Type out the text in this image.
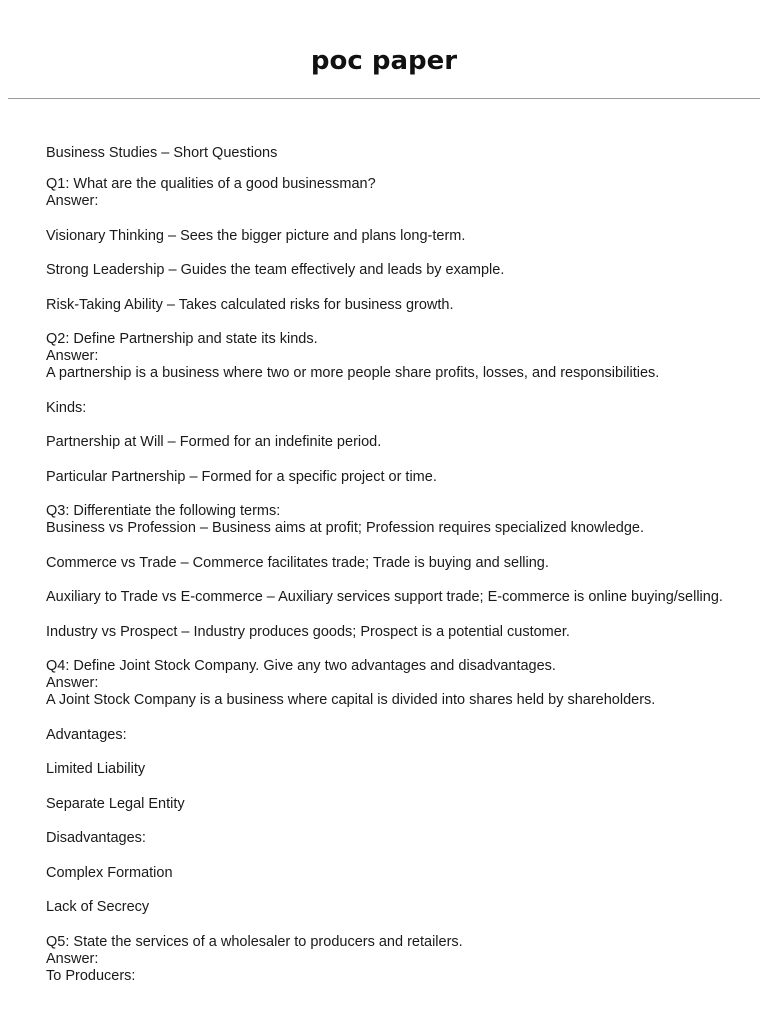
poc paper

Business Studies – Short Questions

Q1: What are the qualities of a good businessman?

Answer:

Visionary Thinking – Sees the bigger picture and plans long-term.

Strong Leadership – Guides the team effectively and leads by example.

Risk-Taking Ability – Takes calculated risks for business growth.

Q2: Define Partnership and state its kinds.

Answer:

A partnership is a business where two or more people share profits, losses, and responsibilities.

Kinds:

Partnership at Will – Formed for an indefinite period.

Particular Partnership – Formed for a specific project or time.

Q3: Differentiate the following terms:

Business vs Profession – Business aims at profit; Profession requires specialized knowledge.

Commerce vs Trade – Commerce facilitates trade; Trade is buying and selling.

Auxiliary to Trade vs E-commerce – Auxiliary services support trade; E-commerce is online buying/selling.

Industry vs Prospect – Industry produces goods; Prospect is a potential customer.

Q4: Define Joint Stock Company. Give any two advantages and disadvantages.

Answer:

A Joint Stock Company is a business where capital is divided into shares held by shareholders.

Advantages:

Limited Liability

Separate Legal Entity

Disadvantages:

Complex Formation

Lack of Secrecy

Q5: State the services of a wholesaler to producers and retailers.

Answer:

To Producers:
